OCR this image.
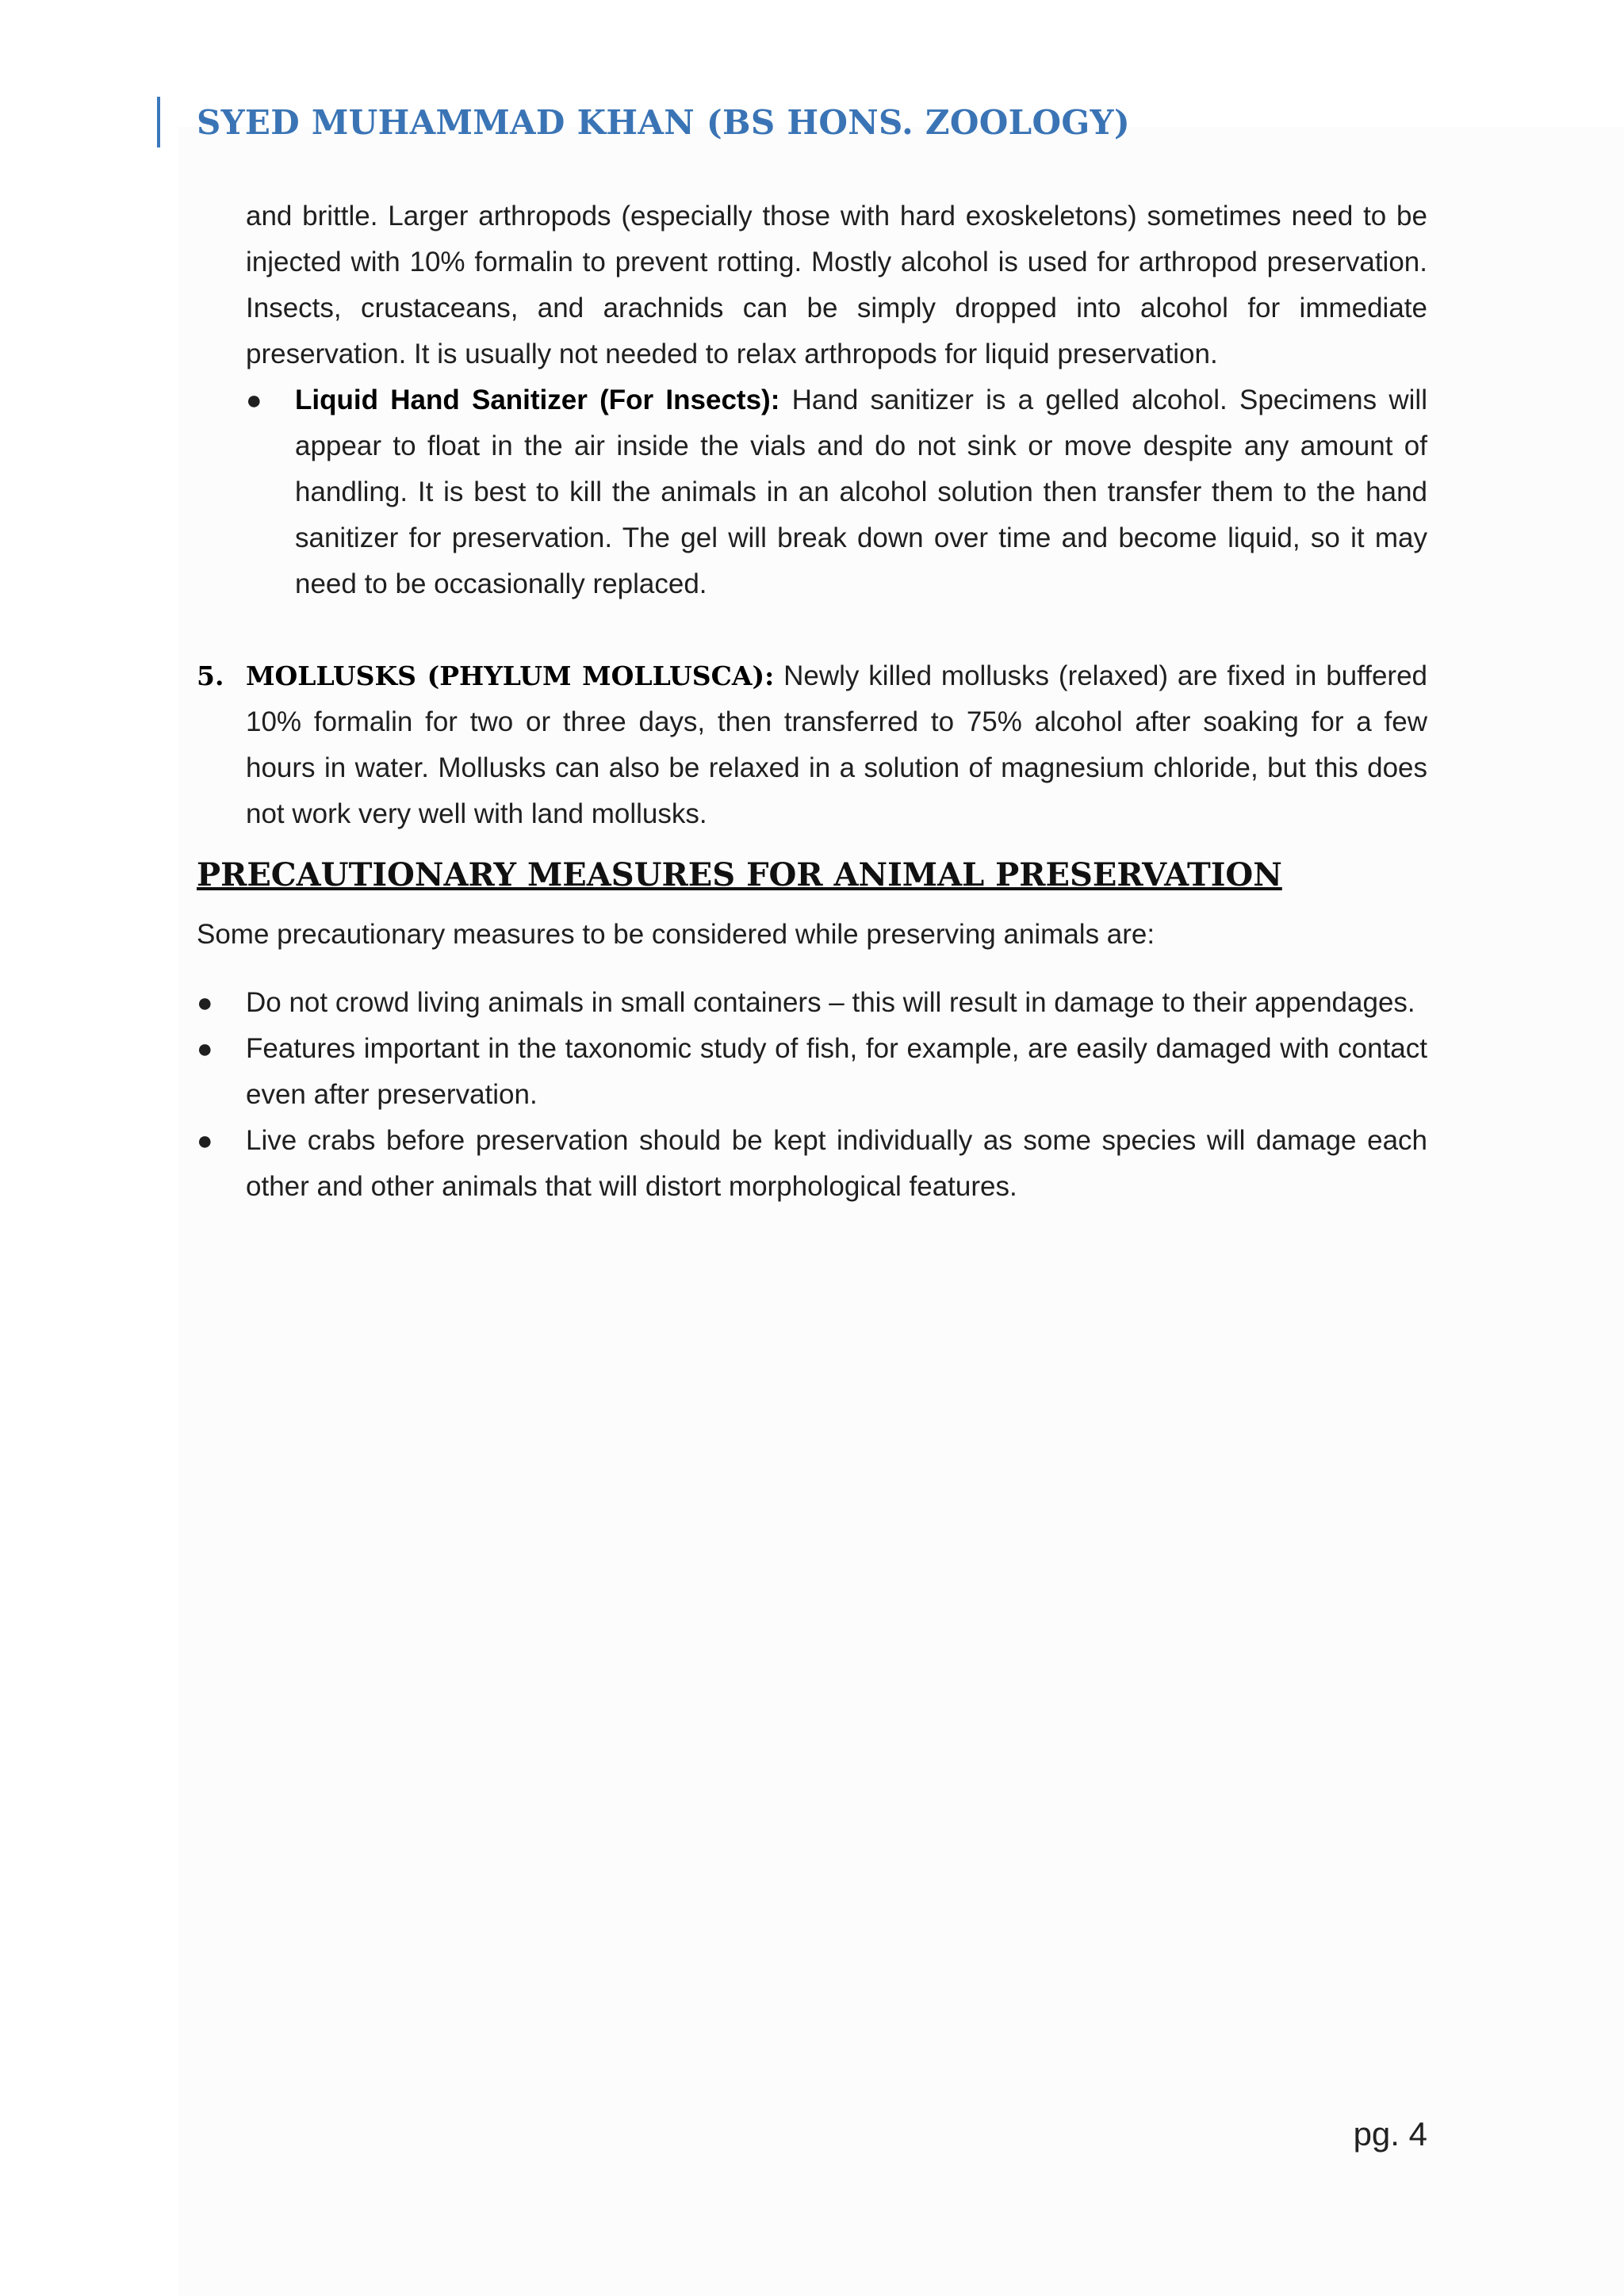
SYED MUHAMMAD KHAN (BS HONS. ZOOLOGY)
and brittle. Larger arthropods (especially those with hard exoskeletons) sometimes need to be injected with 10% formalin to prevent rotting. Mostly alcohol is used for arthropod preservation. Insects, crustaceans, and arachnids can be simply dropped into alcohol for immediate preservation. It is usually not needed to relax arthropods for liquid preservation.
● Liquid Hand Sanitizer (For Insects): Hand sanitizer is a gelled alcohol. Specimens will appear to float in the air inside the vials and do not sink or move despite any amount of handling. It is best to kill the animals in an alcohol solution then transfer them to the hand sanitizer for preservation. The gel will break down over time and become liquid, so it may need to be occasionally replaced.
5. MOLLUSKS (PHYLUM MOLLUSCA): Newly killed mollusks (relaxed) are fixed in buffered 10% formalin for two or three days, then transferred to 75% alcohol after soaking for a few hours in water. Mollusks can also be relaxed in a solution of magnesium chloride, but this does not work very well with land mollusks.
PRECAUTIONARY MEASURES FOR ANIMAL PRESERVATION
Some precautionary measures to be considered while preserving animals are:
● Do not crowd living animals in small containers – this will result in damage to their appendages.
● Features important in the taxonomic study of fish, for example, are easily damaged with contact even after preservation.
● Live crabs before preservation should be kept individually as some species will damage each other and other animals that will distort morphological features.
pg. 4
